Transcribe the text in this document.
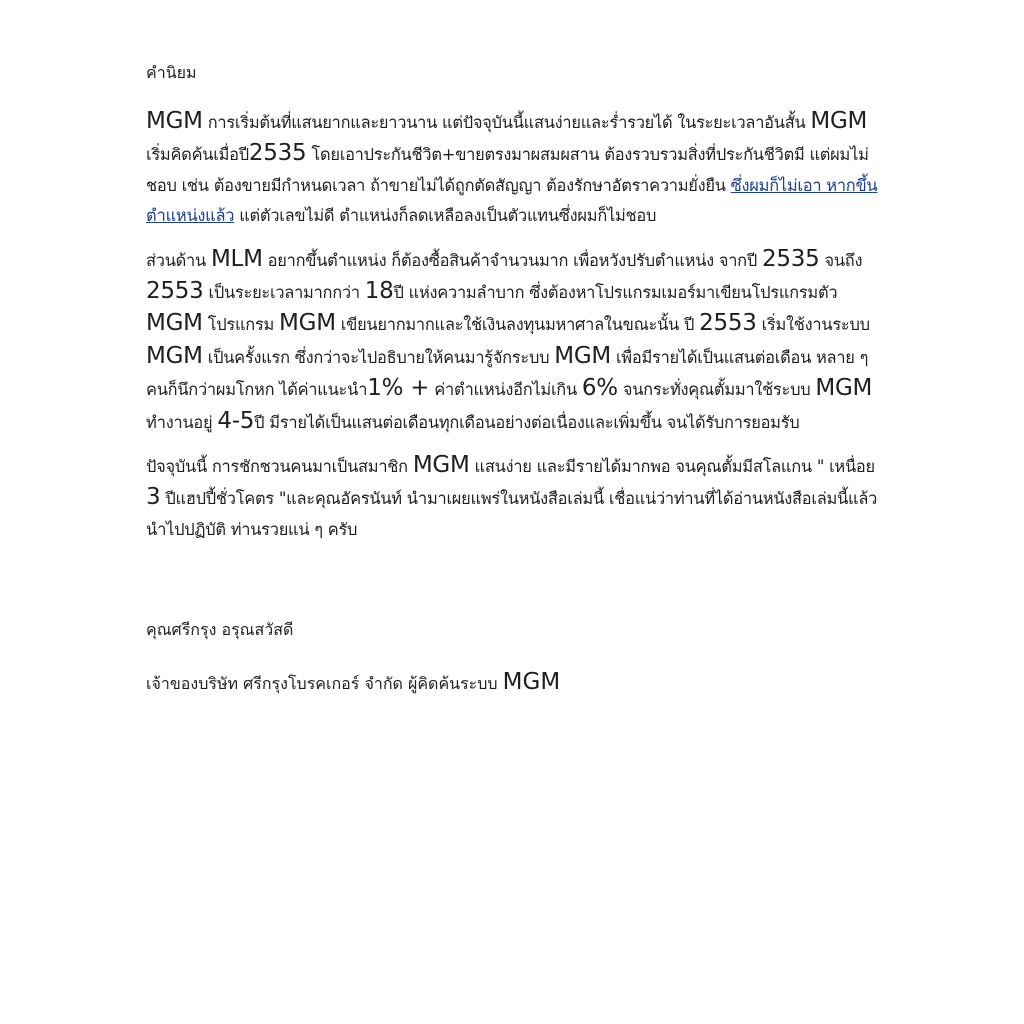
คำนิยม

MGM การเริ่มต้นที่แสนยากและยาวนาน แต่ปัจจุบันนี้แสนง่ายและร่ำรวยได้ ในระยะเวลาอันสั้น MGM เริ่มคิดค้นเมื่อปี2535 โดยเอาประกันชีวิต+ขายตรงมาผสมผสาน ต้องรวบรวมสิ่งที่ประกันชีวิตมี แต่ผมไม่ชอบ เช่น ต้องขายมีกำหนดเวลา ถ้าขายไม่ได้ถูกตัดสัญญา ต้องรักษาอัตราความยั่งยืน ซึ่งผมก็ไม่เอา หากขึ้นตำแหน่งแล้ว แต่ตัวเลขไม่ดี ตำแหน่งก็ลดเหลือลงเป็นตัวแทนซึ่งผมก็ไม่ชอบ

ส่วนด้าน MLM อยากขึ้นตำแหน่ง ก็ต้องซื้อสินค้าจำนวนมาก เพื่อหวังปรับตำแหน่ง จากปี 2535 จนถึง 2553 เป็นระยะเวลามากกว่า 18ปี แห่งความลำบาก ซึ่งต้องหาโปรแกรมเมอร์มาเขียนโปรแกรมตัว MGM โปรแกรม MGM เขียนยากมากและใช้เงินลงทุนมหาศาลในขณะนั้น ปี 2553 เริ่มใช้งานระบบ MGM เป็นครั้งแรก ซึ่งกว่าจะไปอธิบายให้คนมารู้จักระบบ MGM เพื่อมีรายได้เป็นแสนต่อเดือน หลาย ๆ คนก็นึกว่าผมโกหก ได้ค่าแนะนำ1% + ค่าตำแหน่งอีกไม่เกิน 6% จนกระทั่งคุณตั้มมาใช้ระบบ MGM ทำงานอยู่ 4-5ปี มีรายได้เป็นแสนต่อเดือนทุกเดือนอย่างต่อเนื่องและเพิ่มขึ้น จนได้รับการยอมรับ

ปัจจุบันนี้ การชักชวนคนมาเป็นสมาชิก MGM แสนง่าย และมีรายได้มากพอ จนคุณตั้มมีสโลแกน " เหนื่อย 3 ปีแฮปปี้ชั่วโคตร "และคุณอัครนันท์ นำมาเผยแพร่ในหนังสือเล่มนี้ เชื่อแน่ว่าท่านที่ได้อ่านหนังสือเล่มนี้แล้วนำไปปฏิบัติ ท่านรวยแน่ ๆ ครับ

คุณศรีกรุง อรุณสวัสดี
เจ้าของบริษัท ศรีกรุงโบรคเกอร์ จำกัด ผู้คิดค้นระบบ MGM
